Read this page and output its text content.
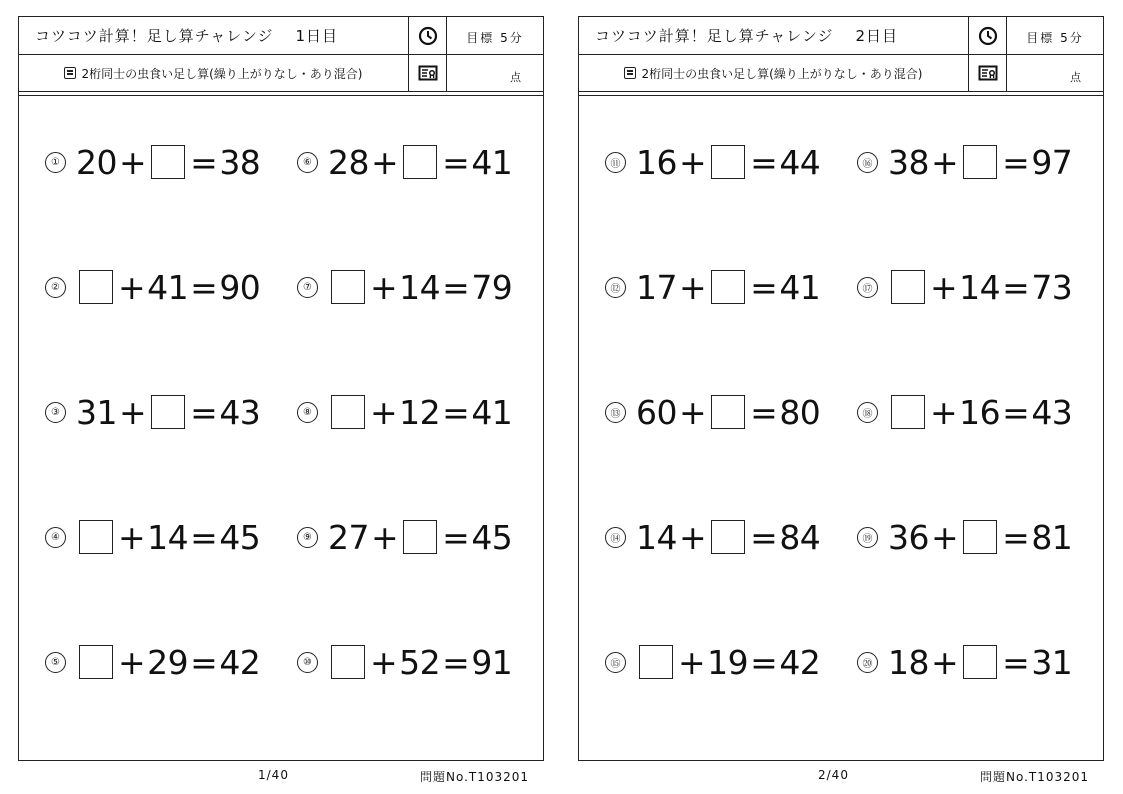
コツコツ計算！足し算チャレンジ 1日目	目標
5分
2桁同士の虫食い足し算(繰り上がりなし・あり混合)	点
① 20 + = 38	⑥ 28 + = 41
② + 41 = 90	⑦ + 14 = 79
③ 31 + = 43	⑧ + 12 = 41
④ + 14 = 45	⑨ 27 + = 45
⑤ + 29 = 42	⑩ + 52 = 91
1/40	問題No.T103201
コツコツ計算！足し算チャレンジ 2日目	目標
5分
2桁同士の虫食い足し算(繰り上がりなし・あり混合)	点
⑪ 16 + = 44	⑯ 38 + = 97
⑫ 17 + = 41	⑰ + 14 = 73
⑬ 60 + = 80	⑱ + 16 = 43
⑭ 14 + = 84	⑲ 36 + = 81
⑮ + 19 = 42	⑳ 18 + = 31
2/40	問題No.T103201
